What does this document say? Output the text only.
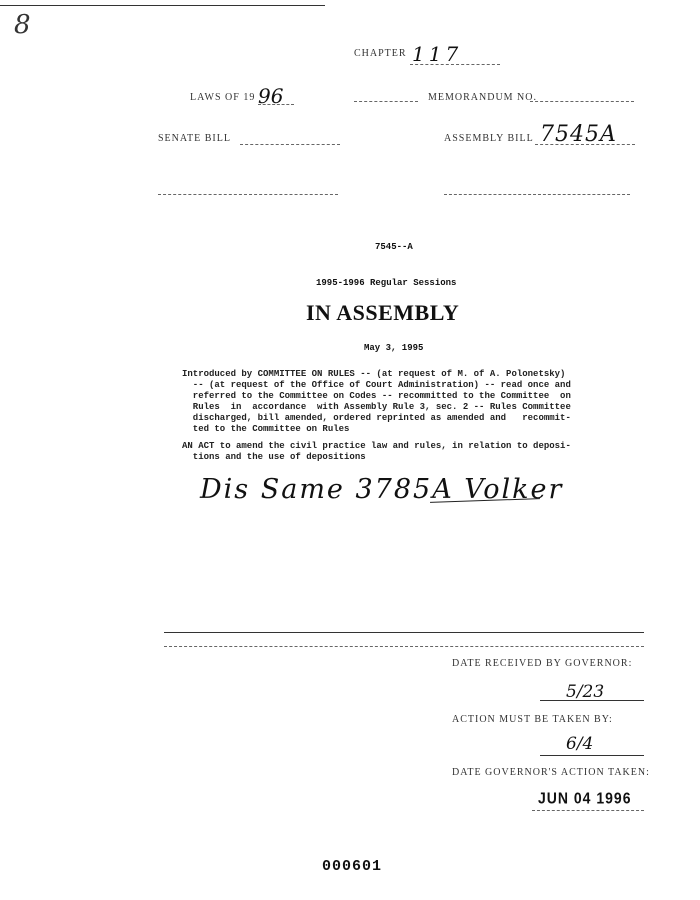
8
CHAPTER 117
LAWS OF 19 96	MEMORANDUM NO.
SENATE BILL	ASSEMBLY BILL 7545A
7545--A
1995-1996 Regular Sessions
IN ASSEMBLY
May 3, 1995
Introduced by COMMITTEE ON RULES -- (at request of M. of A. Polonetsky)
-- (at request of the Office of Court Administration) -- read once and
referred to the Committee on Codes -- recommitted to the Committee  on
Rules  in  accordance  with Assembly Rule 3, sec. 2 -- Rules Committee
discharged, bill amended, ordered reprinted as amended and   recommit-
ted to the Committee on Rules
AN ACT to amend the civil practice law and rules, in relation to deposi-
tions and the use of depositions
Dis Same 3785A Volker
DATE RECEIVED BY GOVERNOR:
5/23
ACTION MUST BE TAKEN BY:
6/4
DATE GOVERNOR'S ACTION TAKEN:
JUN 04 1996
000601
